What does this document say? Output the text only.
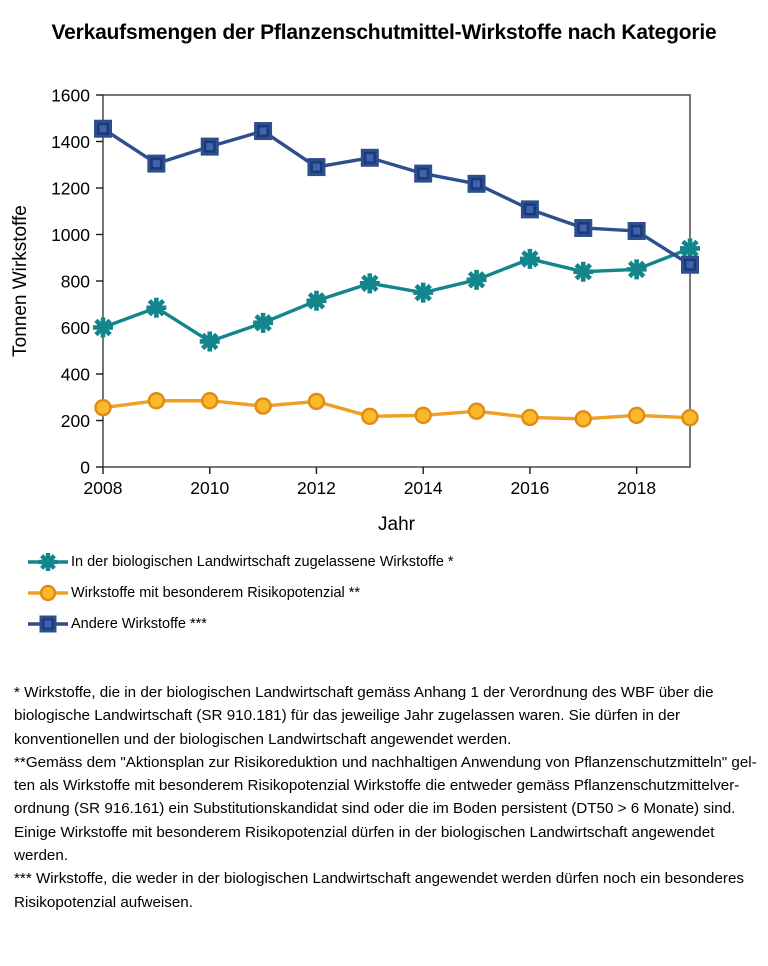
Verkaufsmengen der Pflanzenschutmittel-Wirkstoffe nach Kategorie
0
200
400
600
800
1000
1200
1400
1600
2008	2010	2012	2014	2016	2018
Jahr
Tonnen Wirkstoffe
In der biologischen Landwirtschaft zugelassene Wirkstoffe *
Wirkstoffe mit besonderem Risikopotenzial **
Andere Wirkstoffe ***

* Wirkstoffe, die in der biologischen Landwirtschaft gemäss Anhang 1 der Verordnung des WBF über die biologische Landwirtschaft (SR 910.181) für das jeweilige Jahr zugelassen waren. Sie dürfen in der konventionellen und der biologischen Landwirtschaft angewendet werden.

**Gemäss dem "Aktionsplan zur Risikoreduktion und nachhaltigen Anwendung von Pflanzenschutzmitteln" gel-ten als Wirkstoffe mit besonderem Risikopotenzial Wirkstoffe die entweder gemäss Pflanzenschutzmittelver-ordnung (SR 916.161) ein Substitutionskandidat sind oder die im Boden persistent (DT50 > 6 Monate) sind. Einige Wirkstoffe mit besonderem Risikopotenzial dürfen in der biologischen Landwirtschaft angewendet werden.

*** Wirkstoffe, die weder in der biologischen Landwirtschaft angewendet werden dürfen noch ein besonderes Risikopotenzial aufweisen.
